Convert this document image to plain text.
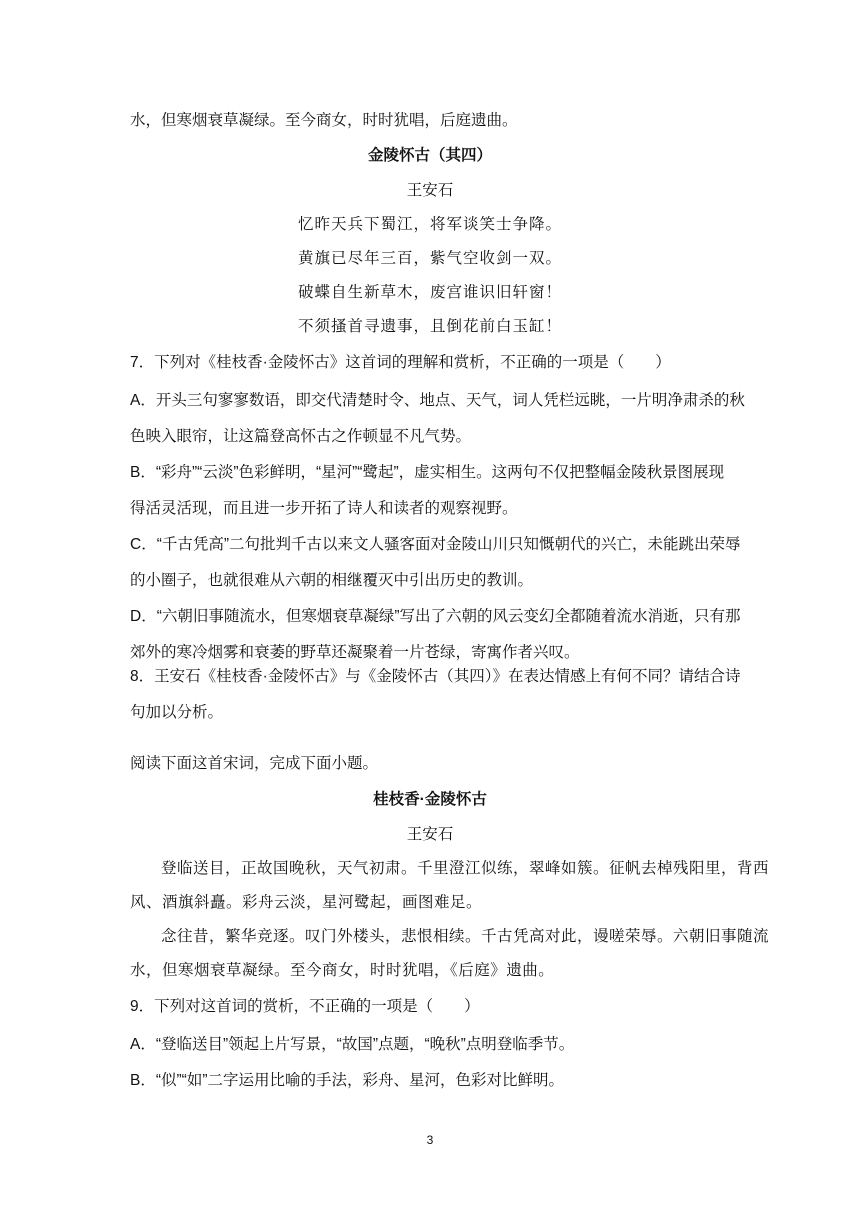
水，但寒烟衰草凝绿。至今商女，时时犹唱，后庭遗曲。
金陵怀古（其四）
王安石
忆昨天兵下蜀江，将军谈笑士争降。
黄旗已尽年三百，紫气空收剑一双。
破蝶自生新草木，废宫谁识旧轩窗！
不须搔首寻遗事，且倒花前白玉缸！
7．下列对《桂枝香·金陵怀古》这首词的理解和赏析，不正确的一项是（　　）
A．开头三句寥寥数语，即交代清楚时令、地点、天气，词人凭栏远眺，一片明净肃杀的秋
色映入眼帘，让这篇登高怀古之作顿显不凡气势。
B．“彩舟”“云淡”色彩鲜明，“星河”“鹭起”，虚实相生。这两句不仅把整幅金陵秋景图展现
得活灵活现，而且进一步开拓了诗人和读者的观察视野。
C．“千古凭高”二句批判千古以来文人骚客面对金陵山川只知慨朝代的兴亡，未能跳出荣辱
的小圈子，也就很难从六朝的相继覆灭中引出历史的教训。
D．“六朝旧事随流水，但寒烟衰草凝绿”写出了六朝的风云变幻全都随着流水消逝，只有那
郊外的寒冷烟雾和衰萎的野草还凝聚着一片苍绿，寄寓作者兴叹。
8．王安石《桂枝香·金陵怀古》与《金陵怀古（其四）》在表达情感上有何不同？请结合诗
句加以分析。
阅读下面这首宋词，完成下面小题。
桂枝香·金陵怀古
王安石
登临送目，正故国晚秋，天气初肃。千里澄江似练，翠峰如簇。征帆去棹残阳里，背西
风、酒旗斜矗。彩舟云淡，星河鹭起，画图难足。
念往昔，繁华竞逐。叹门外楼头，悲恨相续。千古凭高对此，谩嗟荣辱。六朝旧事随流
水，但寒烟衰草凝绿。至今商女，时时犹唱，《后庭》遗曲。
9．下列对这首词的赏析，不正确的一项是（　　）
A．“登临送目”领起上片写景，“故国”点题，“晚秋”点明登临季节。
B．“似”“如”二字运用比喻的手法，彩舟、星河，色彩对比鲜明。
3
